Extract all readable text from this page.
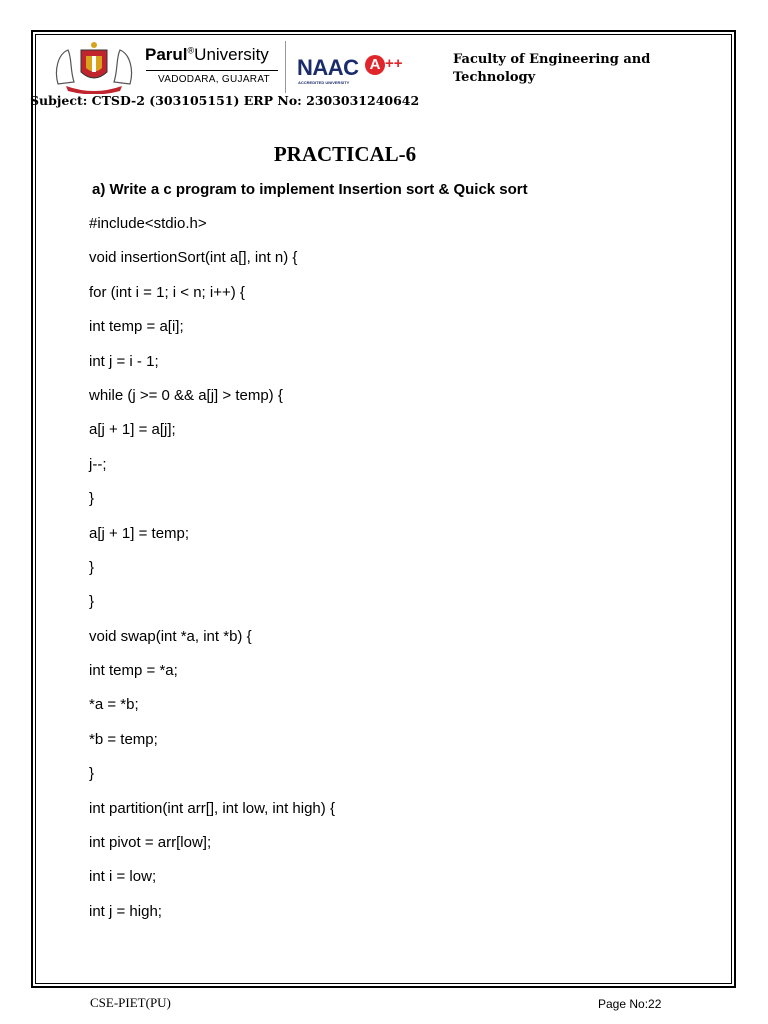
Parul®University
VADODARA, GUJARAT NAAC
ACCREDITED UNIVERSITY
A ++	Faculty of Engineering and Technology
Subject: CTSD-2 (303105151) ERP No: 2303031240642
PRACTICAL-6
a) Write a c program to implement Insertion sort & Quick sort
#include<stdio.h>
void insertionSort(int a[], int n) {
for (int i = 1; i < n; i++) {
int temp = a[i];
int j = i - 1;
while (j >= 0 && a[j] > temp) {
a[j + 1] = a[j];
j--;
}
a[j + 1] = temp;
}
}
void swap(int *a, int *b) {
int temp = *a;
*a = *b;
*b = temp;
}
int partition(int arr[], int low, int high) {
int pivot = arr[low];
int i = low;
int j = high;
CSE-PIET(PU)	Page No:22
